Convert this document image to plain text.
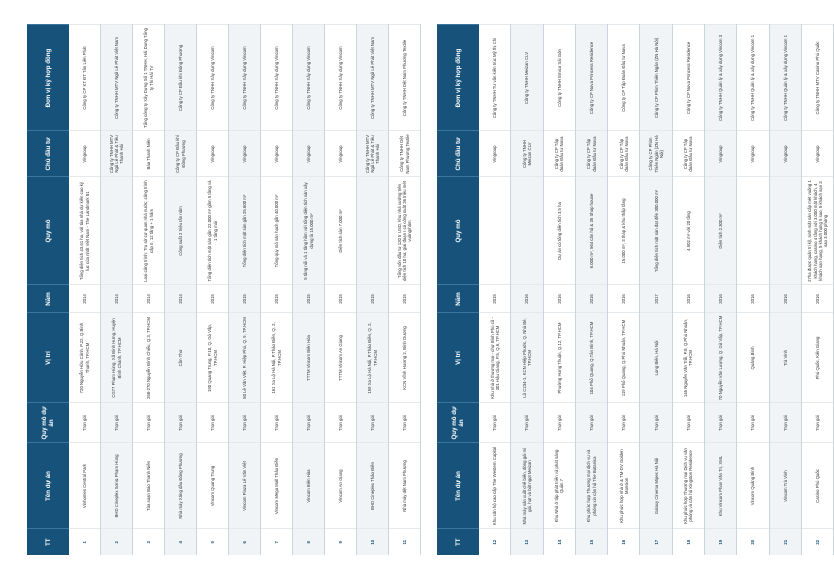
TT	Tên dự án	Quy mô dự án	Vị trí	Năm	Quy mô	Chủ đầu tư	Đơn vị ký hợp đồng
1	Vinhomes Central Park	Trọn gói	720 Nguyễn Hữu Cảnh, P.22, Q.Bình Thạnh, TP.HCM	2014	Tổng diện tích 43,61 ha, với tòa nhà dự kiến cao kỷ lục của nhất Việt Nam - The Landmark 81	Vingroup	Công ty CP KT ĐT Tân Liên Phát
2	BHD Cineplex Sơn& Phạm Hùng	Trọn gói	CG77 Phạm Hùng, Xã Bình Hưng, Huyện Bình Chánh, TP.HCM	2014		Công ty TNHH MTV Ngô Lê Phát & Tiêu Thanh Hải	Công ty TNHH MTV Ngô Lê Phát Việt Nam
3	Tòa soạn Báo Thanh Niên	Trọn gói	268-270 Nguyễn Đình Chiểu, Q.3, TP.HCM	2014	Loại công trình: Trụ sở cơ quan nhà nước; công trình cấp II, 12 tầng + 1 hầm	Báo Thanh Niên	Tổng công ty Xây Dựng Số 1 TNHH, Hải Dung Tổng ty Thi Hải TV
4	Nhà máy Xăng dầu Đông Phương	Trọn gói	Cần Thơ	2014	Công suất 2 triệu tấn năm	Công ty CP Đầu khí Đông Phương	Công ty CP Đầu khí Đông Phương
5	Vincom Quang Trung	Trọn gói	190 Quang Trung, P.10, Q. Gò Vấp, TP.HCM	2015	Tổng diện tích mặt sàn gần 22.000 m² gồm 5 tầng và 1 tầng mái	Vingroup	Công ty TNHH Xây dựng Vincom
6	Vincom Plaza Lê Văn Việt	Trọn gói	50 Lê Văn Việt, P. Hiệp Phú, Q. 9, TP.HCM	2015	Tổng diện tích mặt sàn gần 25.600 m²	Vingroup	Công ty TNHH Xây dựng Vincom
7	Vincom Mega Mall Thảo Điền	Trọn gói	161 Xa Lộ Hà Nội, P.Thảo Điền, Q. 2, TP.HCM	2015	Tổng quy mô sàn hạch gần 40.000 m²	Vingroup	Công ty TNHH Xây dựng Vincom
8	Vincom Biên Hòa	Trọn gói	TTTM Vincom Biên Hòa	2015	5 tầng nổi và 1 tầng hầm với tổng diện tích sàn xây dựng là 15.000 m²	Vingroup	Công ty TNHH Xây dựng Vincom
9	Vincom An Giang	Trọn gói	TTTM Vincom An Giang	2015	Diện tích sàn 7.000 m²	Vingroup	Công ty TNHH Xây dựng Vincom
10	BHD Cineplex Thảo Điền	Trọn gói	159 Xa Lộ Hà Nội, P.Thảo Điền, Q. 2, TP.HCM	2015		Công ty TNHH MTV Ngô Lê Phát & Tiêu Thanh Hải	Công ty TNHH MTV Ngô Lê Phát Việt Nam
11	Nhà máy dệt Nam Phương	Trọn gói	KCN Vĩnh Hương 2, Bình Dương	2015	Tổng vốn đầu tư 120 tr USD, khu nhà xưởng trên diện tích 10 ha, giai đoạn I có công suất 36 triệu mét vuông/năm	Công ty TNHH Dệt Nam Phương Textile	Công ty TNHH Dệt Nam Phương Textile
TT	Tên dự án	Quy mô dự án	Vị trí	Năm	Quy mô	Chủ đầu tư	Đơn vị ký hợp đồng
12	Khu căn hộ cao cấp The Western Capital	Trọn gói	Khu nhà ở thương mại - chợ Bình Phú cũ - 301 Hậu Giang, P.5, Q.6, TP.HCM	2015		Vingroup	Công ty TNHH Tư vấn kiến trúc Mỹ thị Chi
13	Nhà máy sản xuất chế biến, đóng gói mì gói, hạt và bột ngọt Meizan	Trọn gói	Lô C234-1, KCN Hiệp Phước, Q. Nhà Bè, TP.HCM	2016		Công ty TNHH Meizan CLV	Công ty TNHH Meizan CLV
14	Khu Nhà ở tập phát triển và phát sáng Quận 7	Trọn gói	Phường Hưng Thuận, Q.12, TP.HCM	2016	Dự án có tổng diện tích 3,5 ha	Công ty CP Tập đoàn Đầu tư Nova	Công ty TNHH Emico Sài Gòn
15	Khu phức hợp Thương mại dịch vụ và phòng xin cận hộ The Botanica	Trọn gói	104 Phổ Quang, Q.Tân Bình, TP.HCM	2016	6.000 m², 564 căn hộ & 35 Shop house	Công ty CP Tập đoàn Đầu tư Nova	Công ty CP Nova Princess Residence
16	Khu phức hợp nhà ở & TM-DV Golden Mansion	Trọn gói	119 Phổ Quang, Q.Phú Nhuận, TP.HCM	2016	15.000 m², 3 tháp & khu thấp tầng	Công ty CP Tập đoàn Đầu tư Nova	Công ty CP Tập Đoàn Đầu tư Nova
17	Galaxy Cinema Mipec Hà Nội	Trọn gói	Long Biên, Hà Nội	2017	Tổng diện tích mặt sàn đạt đến 300.000 m²	Công ty CP Phim Thiên Ngân (ZN Hà Nội)	Công ty CP Phim Thiên Ngân (ZN Hà Nội)
18	Khu phức hợp Thương mại Dịch vụ văn phòng và căn hộ Kingston Residence	Trọn gói	146 Nguyễn Văn Trỗi, P.8, Q.Phú Nhuận, TP.HCM	2016	4.902 m² với 20 tầng	Công ty CP Tập đoàn Đầu tư Nova	Công ty CP Nova Princess Residence
19	Khu Vincom Phan Văn Trị, XML	Trọn gói	70 Nguyễn Văn Lượng, Q. Gò Vấp, TP.HCM	2016	Diện tích 2.300 m²	Vingroup	Công ty TNHH Quản lý & xây dựng Vincom 3
20	Vincom Quảng Bình	Trọn gói	Quảng Bình	2016		Vingroup	Công ty TNHH Quản lý & xây dựng Vincom 1
21	Vincom Trà Vinh	Trọn gói	Trà Vinh	2016		Vingroup	Công ty TNHH Quản lý & xây dựng Vincom 1
22	Casino Phú Quốc	Trọn gói	Phú Quốc, Kiên Giang	2016	27ha được quản trị kỹ, sinh mặt sàn cấp mét vuông 1 khách hạng, casino 4 tầng với 3.000 mặt khách, 4 khách sạn hạng, 5 khách hạng 5 sao, 5 khách sạn 3 sao 3.000 phòng	Vingroup	Công ty TNHH MTV Casino Phú Quốc
